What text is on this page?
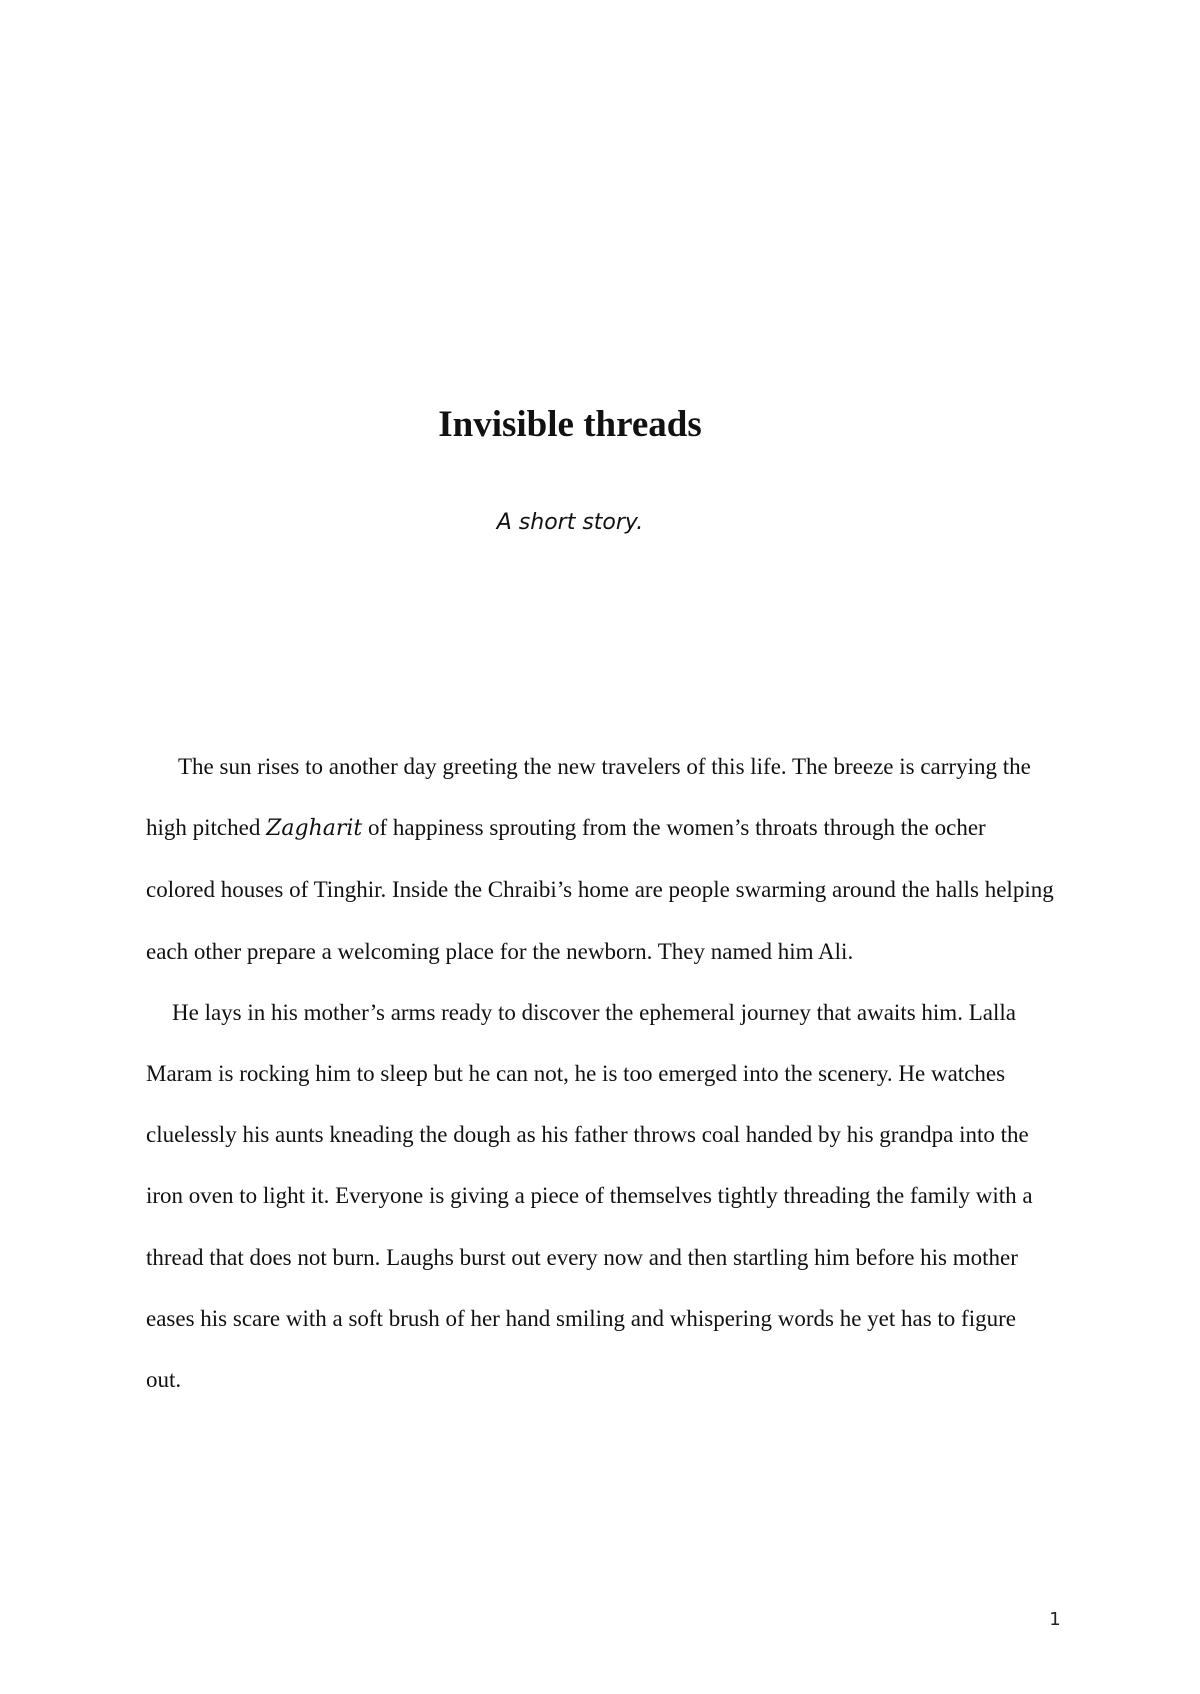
Invisible threads
A short story.

The sun rises to another day greeting the new travelers of this life. The breeze is carrying the high pitched Zagharit of happiness sprouting from the women’s throats through the ocher colored houses of Tinghir. Inside the Chraibi’s home are people swarming around the halls helping each other prepare a welcoming place for the newborn. They named him Ali.

He lays in his mother’s arms ready to discover the ephemeral journey that awaits him. Lalla Maram is rocking him to sleep but he can not, he is too emerged into the scenery. He watches cluelessly his aunts kneading the dough as his father throws coal handed by his grandpa into the iron oven to light it. Everyone is giving a piece of themselves tightly threading the family with a thread that does not burn. Laughs burst out every now and then startling him before his mother eases his scare with a soft brush of her hand smiling and whispering words he yet has to figure out.

1
